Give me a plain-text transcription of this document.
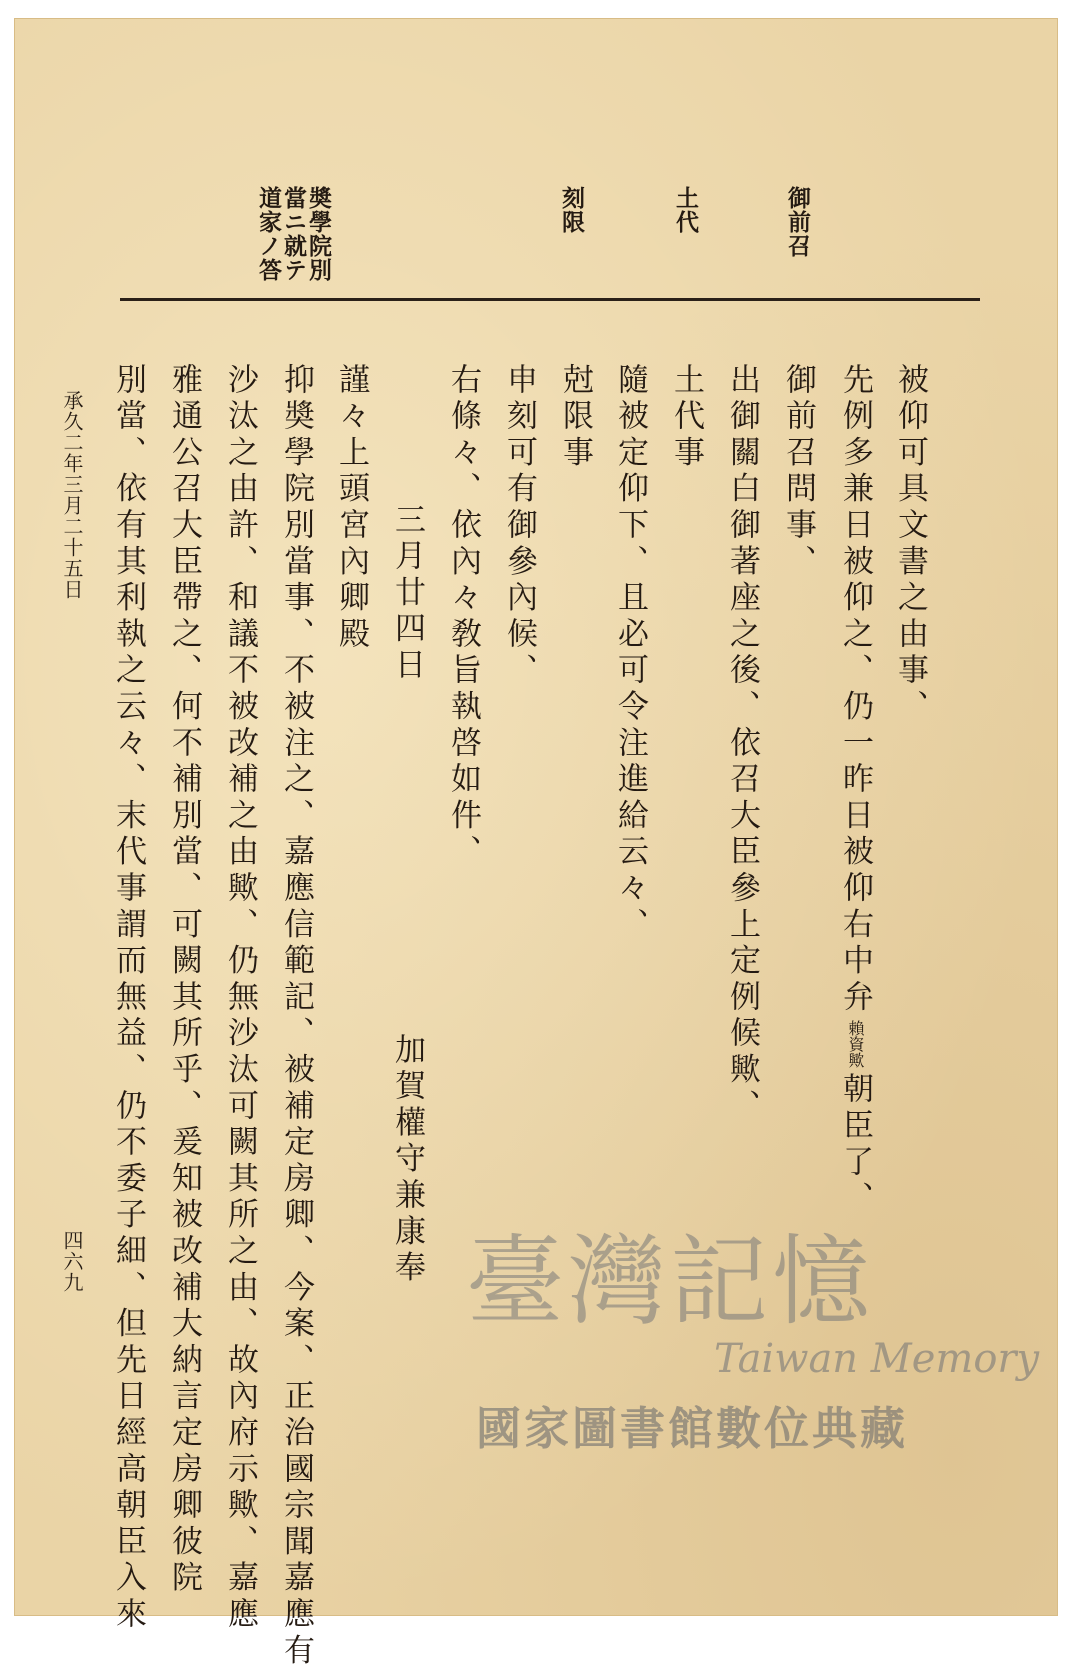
御前召
土代
刻限
奬學院別
當ニ就テ
道家ノ答
被仰可具文書之由事、
先例多兼日被仰之、仍一昨日被仰右中弁賴資歟朝臣了、
御前召問事、
出御關白御著座之後、依召大臣參上定例候歟、
土代事
隨被定仰下、且必可令注進給云々、
尅限事
申刻可有御參內候、
右條々、依內々敎旨執啓如件、
三月廿四日
加賀權守兼康奉
謹々上頭宮內卿殿
抑奬學院別當事、不被注之、嘉應信範記、被補定房卿、今案、正治國宗聞嘉應有
沙汰之由許、和議不被改補之由歟、仍無沙汰可闕其所之由、故內府示歟、嘉應
雅通公召大臣帶之、何不補別當、可闕其所乎、爰知被改補大納言定房卿彼院
別當、依有其利執之云々、末代事謂而無益、仍不委子細、但先日經高朝臣入來
承久二年三月二十五日
四六九	臺灣記憶
Taiwan Memory
國家圖書館數位典藏
